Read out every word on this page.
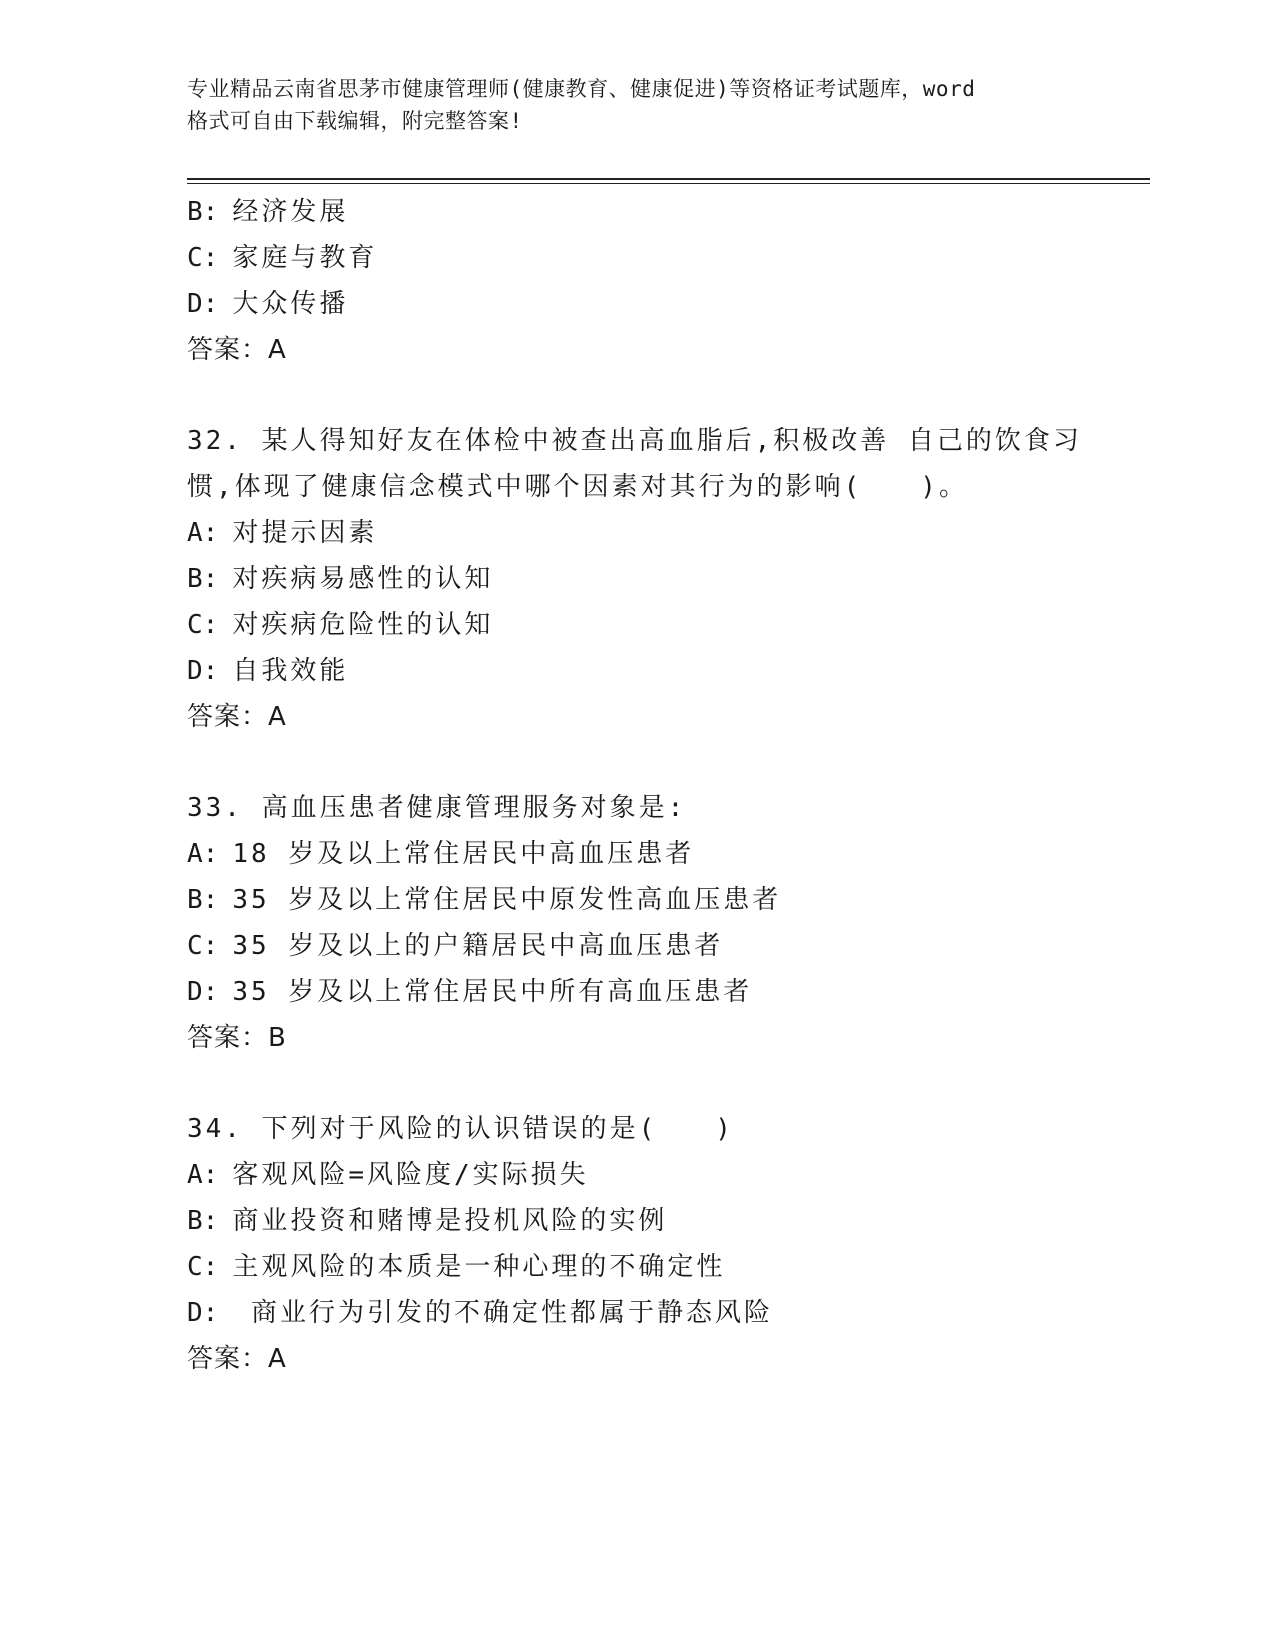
专业精品云南省思茅市健康管理师(健康教育、健康促进)等资格证考试题库，word
格式可自由下载编辑，附完整答案!
B: 经济发展
C: 家庭与教育
D: 大众传播
答案：A
32. 某人得知好友在体检中被查出高血脂后,积极改善 自己的饮食习
惯,体现了健康信念模式中哪个因素对其行为的影响(　　)。
A: 对提示因素
B: 对疾病易感性的认知
C: 对疾病危险性的认知
D: 自我效能
答案：A
33. 高血压患者健康管理服务对象是:
A: 18 岁及以上常住居民中高血压患者
B: 35 岁及以上常住居民中原发性高血压患者
C: 35 岁及以上的户籍居民中高血压患者
D: 35 岁及以上常住居民中所有高血压患者
答案：B
34. 下列对于风险的认识错误的是(　　)
A: 客观风险=风险度/实际损失
B: 商业投资和赌博是投机风险的实例
C: 主观风险的本质是一种心理的不确定性
D: 商业行为引发的不确定性都属于静态风险
答案：A
